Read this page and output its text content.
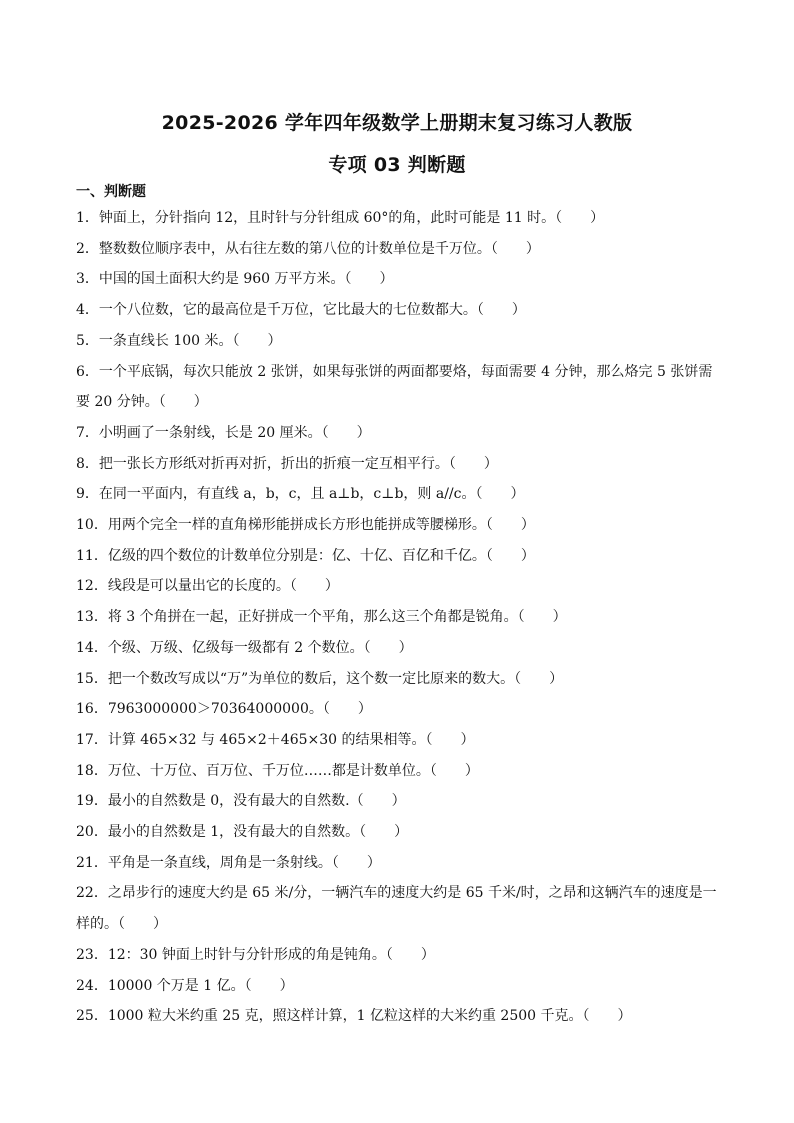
2025-2026 学年四年级数学上册期末复习练习人教版
专项 03 判断题
一、判断题
1．钟面上，分针指向 12，且时针与分针组成 60°的角，此时可能是 11 时。（　　）
2．整数数位顺序表中，从右往左数的第八位的计数单位是千万位。（　　）
3．中国的国土面积大约是 960 万平方米。（　　）
4．一个八位数，它的最高位是千万位，它比最大的七位数都大。（　　）
5．一条直线长 100 米。（　　）
6．一个平底锅，每次只能放 2 张饼，如果每张饼的两面都要烙，每面需要 4 分钟，那么烙完 5 张饼需要 20 分钟。（　　）
7．小明画了一条射线，长是 20 厘米。（　　）
8．把一张长方形纸对折再对折，折出的折痕一定互相平行。（　　）
9．在同一平面内，有直线 a，b，c，且 a⊥b，c⊥b，则 a//c。（　　）
10．用两个完全一样的直角梯形能拼成长方形也能拼成等腰梯形。（　　）
11．亿级的四个数位的计数单位分别是：亿、十亿、百亿和千亿。（　　）
12．线段是可以量出它的长度的。（　　）
13．将 3 个角拼在一起，正好拼成一个平角，那么这三个角都是锐角。（　　）
14．个级、万级、亿级每一级都有 2 个数位。（　　）
15．把一个数改写成以“万”为单位的数后，这个数一定比原来的数大。（　　）
16．7963000000＞70364000000。（　　）
17．计算 465×32 与 465×2＋465×30 的结果相等。（　　）
18．万位、十万位、百万位、千万位……都是计数单位。（　　）
19．最小的自然数是 0，没有最大的自然数.（　　）
20．最小的自然数是 1，没有最大的自然数。（　　）
21．平角是一条直线，周角是一条射线。（　　）
22．之昂步行的速度大约是 65 米/分，一辆汽车的速度大约是 65 千米/时，之昂和这辆汽车的速度是一样的。（　　）
23．12：30 钟面上时针与分针形成的角是钝角。（　　）
24．10000 个万是 1 亿。（　　）
25．1000 粒大米约重 25 克，照这样计算，1 亿粒这样的大米约重 2500 千克。（　　）
